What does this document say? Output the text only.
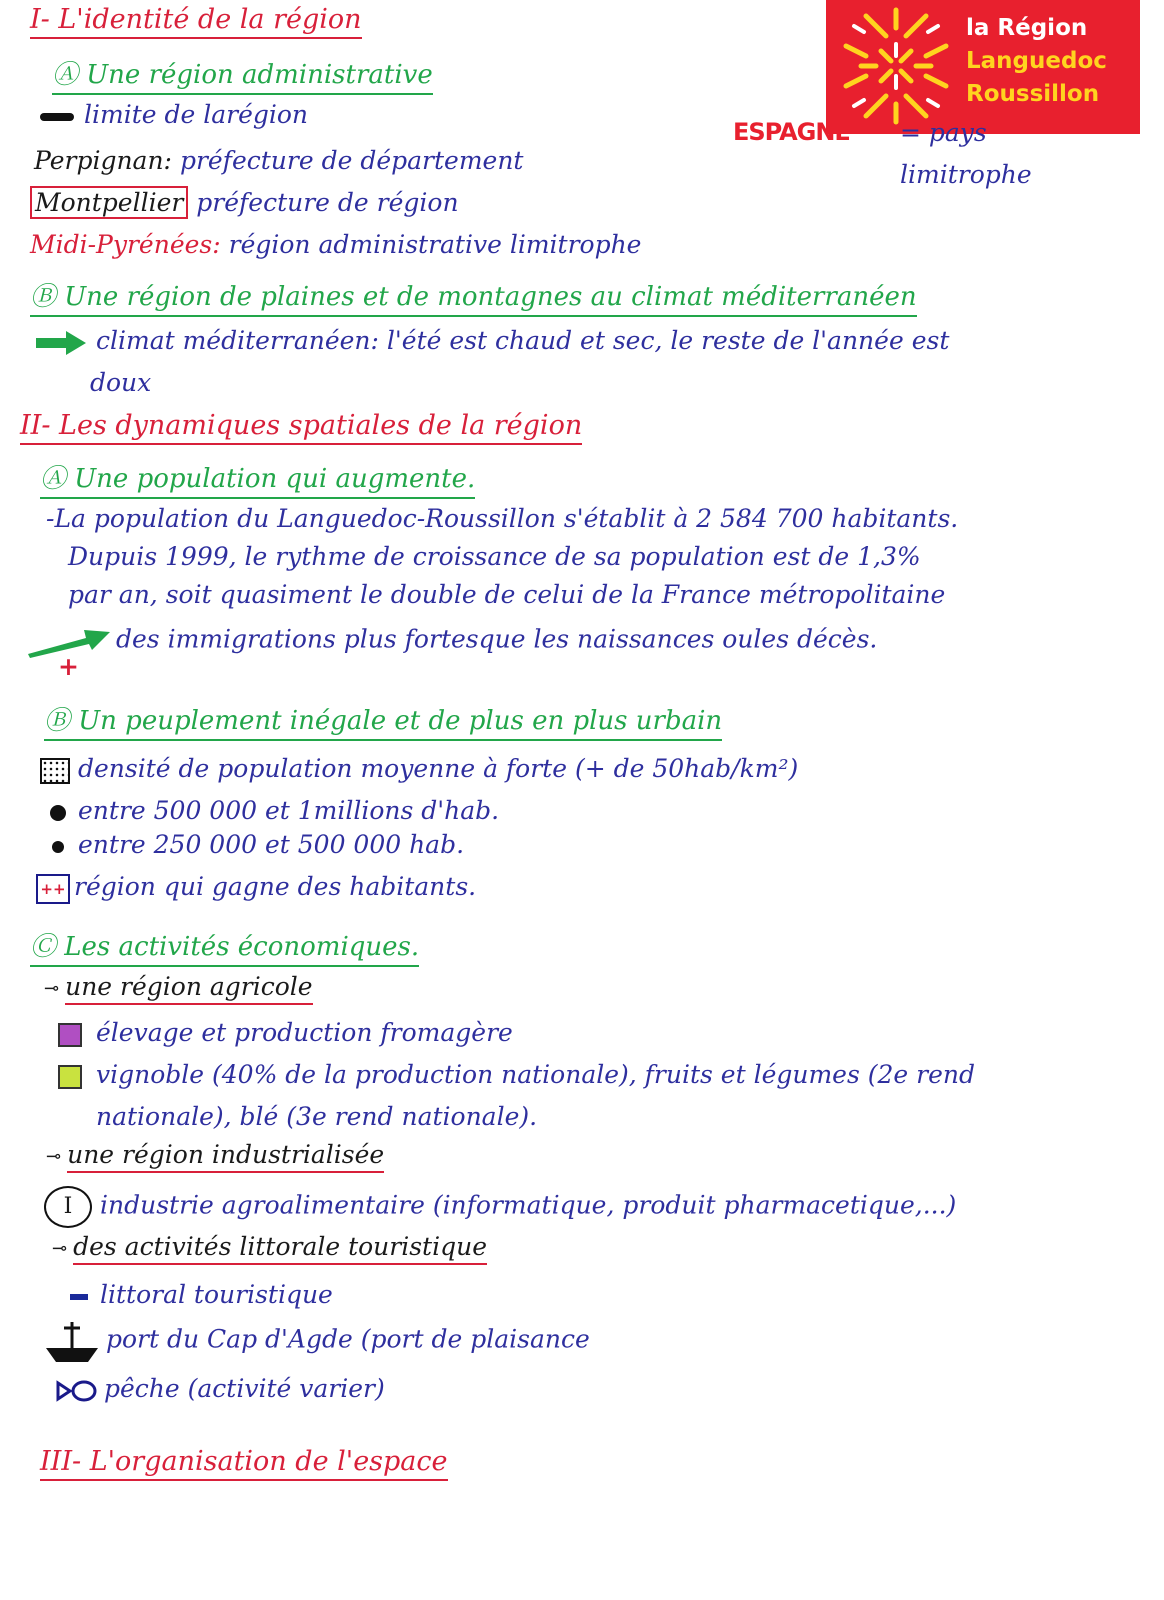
la Région
Languedoc
Roussillon
ESPAGNE = pays
limitrophe
I- L'identité de la région
Ⓐ Une région administrative
limite de larégion
Perpignan: préfecture de département
Montpellier préfecture de région
Midi-Pyrénées: région administrative limitrophe
Ⓑ Une région de plaines et de montagnes au climat méditerranéen
climat méditerranéen: l'été est chaud et sec, le reste de l'année est
doux
II- Les dynamiques spatiales de la région
Ⓐ Une population qui augmente.
-La population du Languedoc-Roussillon s'établit à 2 584 700 habitants.
Dupuis 1999, le rythme de croissance de sa population est de 1,3%
par an, soit quasiment le double de celui de la France métropolitaine
des immigrations plus fortesque les naissances oules décès.
+
Ⓑ Un peuplement inégale et de plus en plus urbain
densité de population moyenne à forte (+ de 50hab/km²)
entre 500 000 et 1millions d'hab.
entre 250 000 et 500 000 hab.
++ région qui gagne des habitants.
Ⓒ Les activités économiques.
⊸ une région agricole
élevage et production fromagère
vignoble (40% de la production nationale), fruits et légumes (2e rend
nationale), blé (3e rend nationale).
⊸ une région industrialisée
I industrie agroalimentaire (informatique, produit pharmacetique,...)
⊸ des activités littorale touristique
littoral touristique
port du Cap d'Agde (port de plaisance
pêche (activité varier)
III- L'organisation de l'espace
